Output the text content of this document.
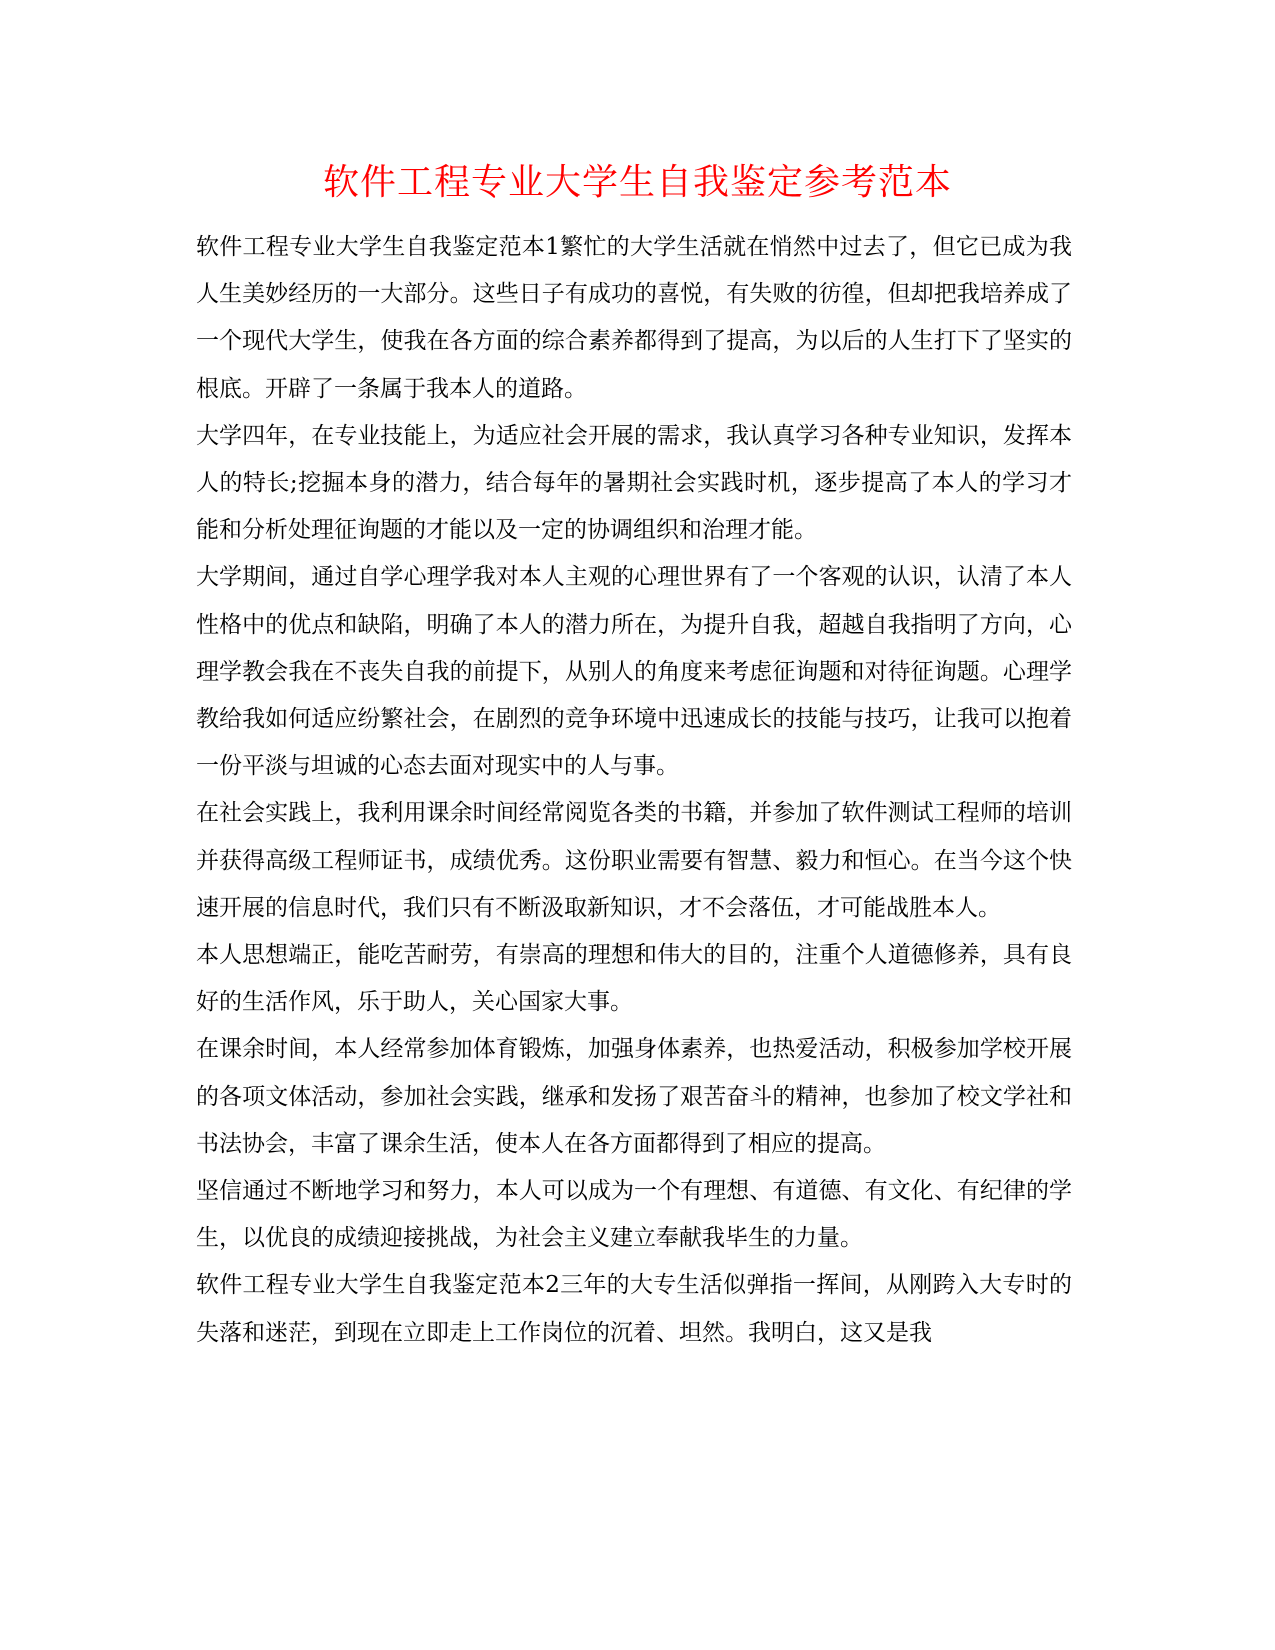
软件工程专业大学生自我鉴定参考范本

软件工程专业大学生自我鉴定范本1繁忙的大学生活就在悄然中过去了，但它已成为我人生美妙经历的一大部分。这些日子有成功的喜悦，有失败的彷徨，但却把我培养成了一个现代大学生，使我在各方面的综合素养都得到了提高，为以后的人生打下了坚实的根底。开辟了一条属于我本人的道路。

大学四年，在专业技能上，为适应社会开展的需求，我认真学习各种专业知识，发挥本人的特长;挖掘本身的潜力，结合每年的暑期社会实践时机，逐步提高了本人的学习才能和分析处理征询题的才能以及一定的协调组织和治理才能。

大学期间，通过自学心理学我对本人主观的心理世界有了一个客观的认识，认清了本人性格中的优点和缺陷，明确了本人的潜力所在，为提升自我，超越自我指明了方向，心理学教会我在不丧失自我的前提下，从别人的角度来考虑征询题和对待征询题。心理学教给我如何适应纷繁社会，在剧烈的竞争环境中迅速成长的技能与技巧，让我可以抱着一份平淡与坦诚的心态去面对现实中的人与事。

在社会实践上，我利用课余时间经常阅览各类的书籍，并参加了软件测试工程师的培训并获得高级工程师证书，成绩优秀。这份职业需要有智慧、毅力和恒心。在当今这个快速开展的信息时代，我们只有不断汲取新知识，才不会落伍，才可能战胜本人。

本人思想端正，能吃苦耐劳，有崇高的理想和伟大的目的，注重个人道德修养，具有良好的生活作风，乐于助人，关心国家大事。

在课余时间，本人经常参加体育锻炼，加强身体素养，也热爱活动，积极参加学校开展的各项文体活动，参加社会实践，继承和发扬了艰苦奋斗的精神，也参加了校文学社和书法协会，丰富了课余生活，使本人在各方面都得到了相应的提高。

坚信通过不断地学习和努力，本人可以成为一个有理想、有道德、有文化、有纪律的学生，以优良的成绩迎接挑战，为社会主义建立奉献我毕生的力量。

软件工程专业大学生自我鉴定范本2三年的大专生活似弹指一挥间，从刚跨入大专时的失落和迷茫，到现在立即走上工作岗位的沉着、坦然。我明白，这又是我
